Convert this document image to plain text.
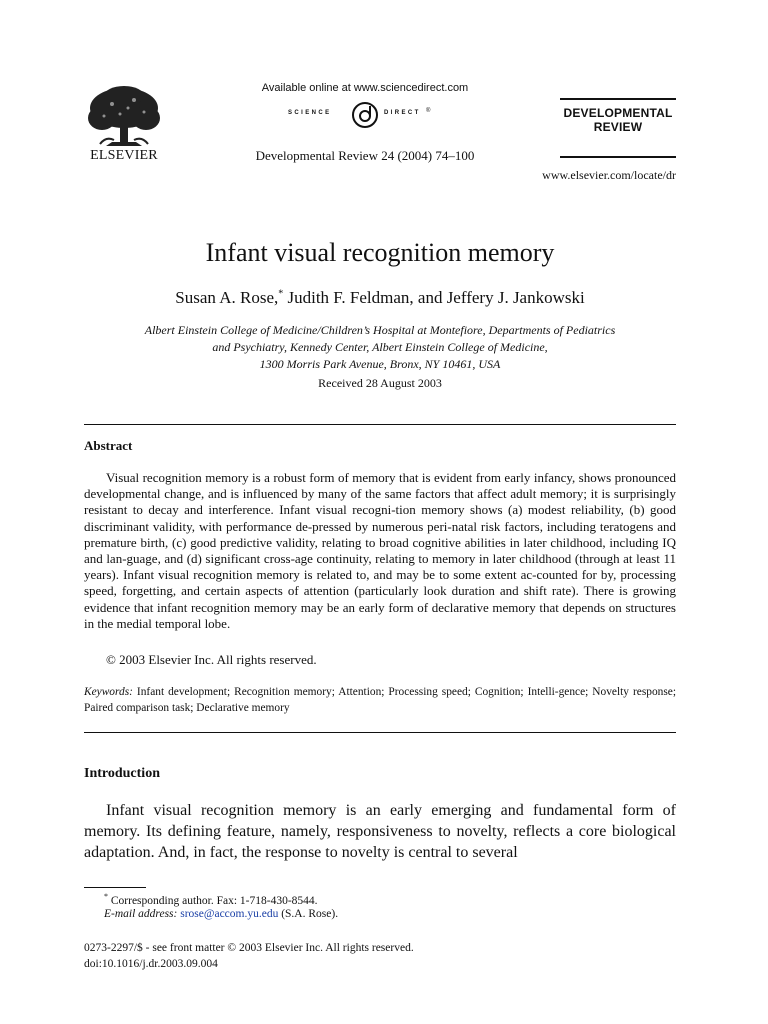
ELSEVIER
Available online at www.sciencedirect.com
SCIENCE	DIRECT ®
Developmental Review 24 (2004) 74–100
DEVELOPMENTAL
REVIEW
www.elsevier.com/locate/dr
Infant visual recognition memory
Susan A. Rose,* Judith F. Feldman, and Jeffery J. Jankowski
Albert Einstein College of Medicine/Children’s Hospital at Montefiore, Departments of Pediatrics
and Psychiatry, Kennedy Center, Albert Einstein College of Medicine,
1300 Morris Park Avenue, Bronx, NY 10461, USA
Received 28 August 2003
Abstract
Visual recognition memory is a robust form of memory that is evident from early infancy, shows pronounced developmental change, and is influenced by many of the same factors that affect adult memory; it is surprisingly resistant to decay and interference. Infant visual recogni-tion memory shows (a) modest reliability, (b) good discriminant validity, with performance de-pressed by numerous peri-natal risk factors, including teratogens and premature birth, (c) good predictive validity, relating to broad cognitive abilities in later childhood, including IQ and lan-guage, and (d) significant cross-age continuity, relating to memory in later childhood (through at least 11 years). Infant visual recognition memory is related to, and may be to some extent ac-counted for by, processing speed, forgetting, and certain aspects of attention (particularly look duration and shift rate). There is growing evidence that infant recognition memory may be an early form of declarative memory that depends on structures in the medial temporal lobe.
© 2003 Elsevier Inc. All rights reserved.
Keywords: Infant development; Recognition memory; Attention; Processing speed; Cognition; Intelli-gence; Novelty response; Paired comparison task; Declarative memory
Introduction
Infant visual recognition memory is an early emerging and fundamental form of memory. Its defining feature, namely, responsiveness to novelty, reflects a core biological adaptation. And, in fact, the response to novelty is central to several
* Corresponding author. Fax: 1-718-430-8544.
E-mail address: srose@accom.yu.edu (S.A. Rose).
0273-2297/$ - see front matter © 2003 Elsevier Inc. All rights reserved.
doi:10.1016/j.dr.2003.09.004
